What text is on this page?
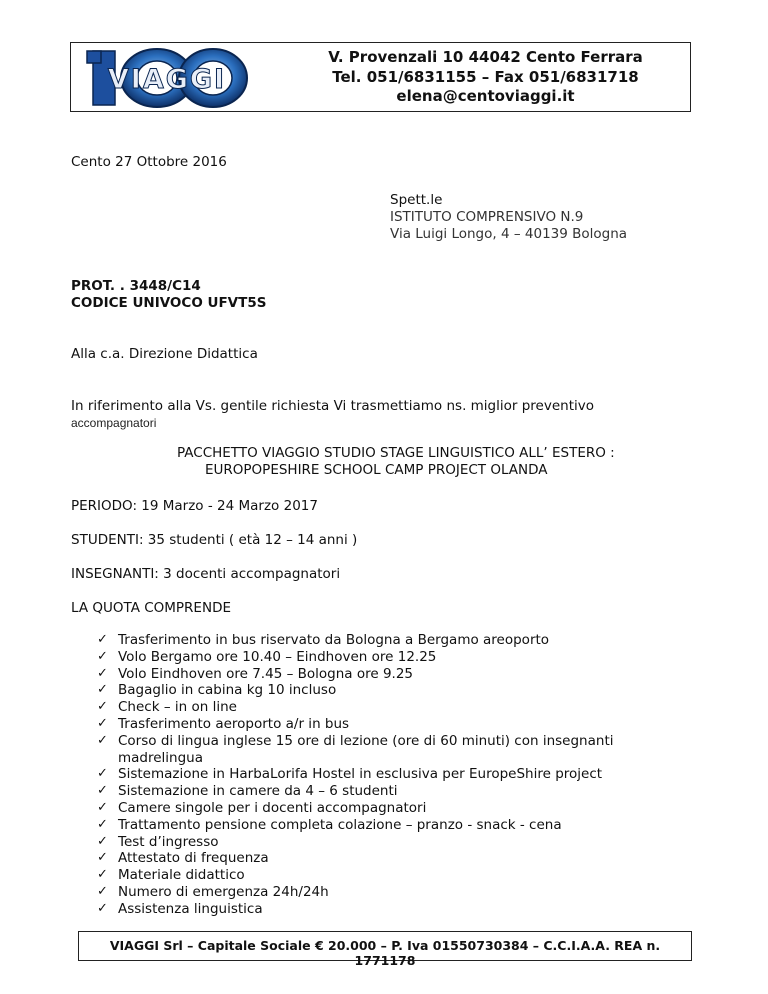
VIAGGI
V. Provenzali 10 44042 Cento Ferrara
Tel. 051/6831155 – Fax 051/6831718
elena@centoviaggi.it
Cento 27 Ottobre 2016
Spett.le
ISTITUTO COMPRENSIVO N.9
Via Luigi Longo, 4 – 40139 Bologna
PROT. . 3448/C14
CODICE UNIVOCO UFVT5S
Alla c.a. Direzione Didattica
In riferimento alla Vs. gentile richiesta Vi trasmettiamo ns. miglior preventivo
accompagnatori
PACCHETTO VIAGGIO STUDIO STAGE LINGUISTICO ALL’ ESTERO :
EUROPOPESHIRE SCHOOL CAMP PROJECT OLANDA
PERIODO: 19 Marzo - 24 Marzo 2017
STUDENTI: 35 studenti ( età 12 – 14 anni )
INSEGNANTI: 3 docenti accompagnatori
LA QUOTA COMPRENDE
✓ Trasferimento in bus riservato da Bologna a Bergamo areoporto
✓ Volo Bergamo ore 10.40 – Eindhoven ore 12.25
✓ Volo Eindhoven ore 7.45 – Bologna ore 9.25
✓ Bagaglio in cabina kg 10 incluso
✓ Check – in on line
✓ Trasferimento aeroporto a/r in bus
✓ Corso di lingua inglese 15 ore di lezione (ore di 60 minuti) con insegnanti
madrelingua
✓ Sistemazione in HarbaLorifa Hostel in esclusiva per EuropeShire project
✓ Sistemazione in camere da 4 – 6 studenti
✓ Camere singole per i docenti accompagnatori
✓ Trattamento pensione completa colazione – pranzo - snack - cena
✓ Test d’ingresso
✓ Attestato di frequenza
✓ Materiale didattico
✓ Numero di emergenza 24h/24h
✓ Assistenza linguistica
VIAGGI Srl – Capitale Sociale € 20.000 – P. Iva 01550730384 – C.C.I.A.A. REA n. 1771178
